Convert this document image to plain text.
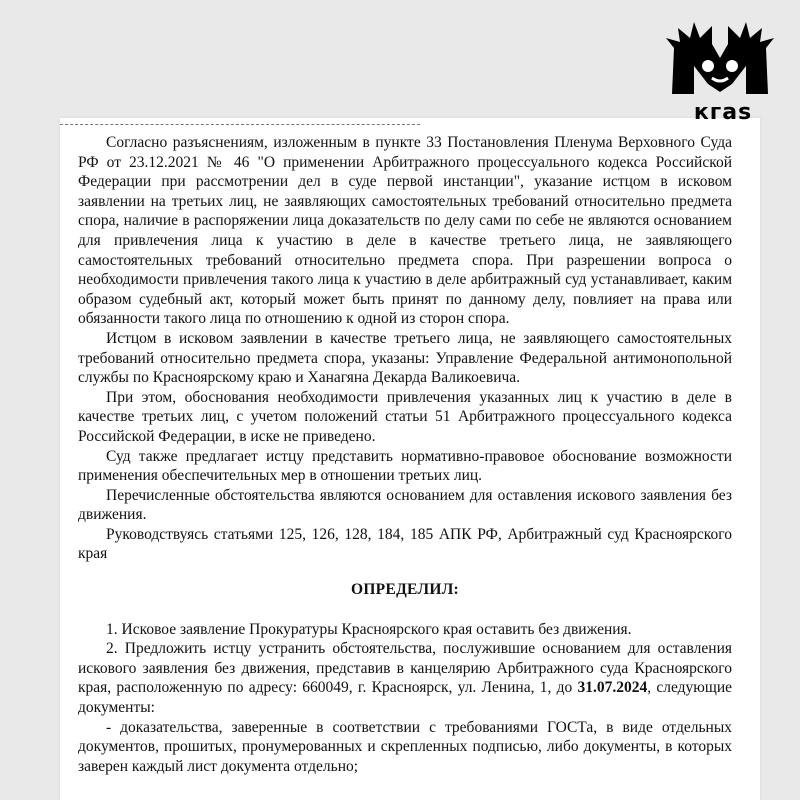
кгаs

Согласно разъяснениям, изложенным в пункте 33 Постановления Пленума Верховного Суда РФ от 23.12.2021 № 46 "О применении Арбитражного процессуального кодекса Российской Федерации при рассмотрении дел в суде первой инстанции", указание истцом в исковом заявлении на третьих лиц, не заявляющих самостоятельных требований относительно предмета спора, наличие в распоряжении лица доказательств по делу сами по себе не являются основанием для привлечения лица к участию в деле в качестве третьего лица, не заявляющего самостоятельных требований относительно предмета спора. При разрешении вопроса о необходимости привлечения такого лица к участию в деле арбитражный суд устанавливает, каким образом судебный акт, который может быть принят по данному делу, повлияет на права или обязанности такого лица по отношению к одной из сторон спора.

Истцом в исковом заявлении в качестве третьего лица, не заявляющего самостоятельных требований относительно предмета спора, указаны: Управление Федеральной антимонопольной службы по Красноярскому краю и Ханагяна Декарда Валикоевича.

При этом, обоснования необходимости привлечения указанных лиц к участию в деле в качестве третьих лиц, с учетом положений статьи 51 Арбитражного процессуального кодекса Российской Федерации, в иске не приведено.

Суд также предлагает истцу представить нормативно-правовое обоснование возможности применения обеспечительных мер в отношении третьих лиц.

Перечисленные обстоятельства являются основанием для оставления искового заявления без движения.

Руководствуясь статьями 125, 126, 128, 184, 185 АПК РФ, Арбитражный суд Красноярского края

ОПРЕДЕЛИЛ:

1. Исковое заявление Прокуратуры Красноярского края оставить без движения.

2. Предложить истцу устранить обстоятельства, послужившие основанием для оставления искового заявления без движения, представив в канцелярию Арбитражного суда Красноярского края, расположенную по адресу: 660049, г. Красноярск, ул. Ленина, 1, до 31.07.2024, следующие документы:

- доказательства, заверенные в соответствии с требованиями ГОСТа, в виде отдельных документов, прошитых, пронумерованных и скрепленных подписью, либо документы, в которых заверен каждый лист документа отдельно;
